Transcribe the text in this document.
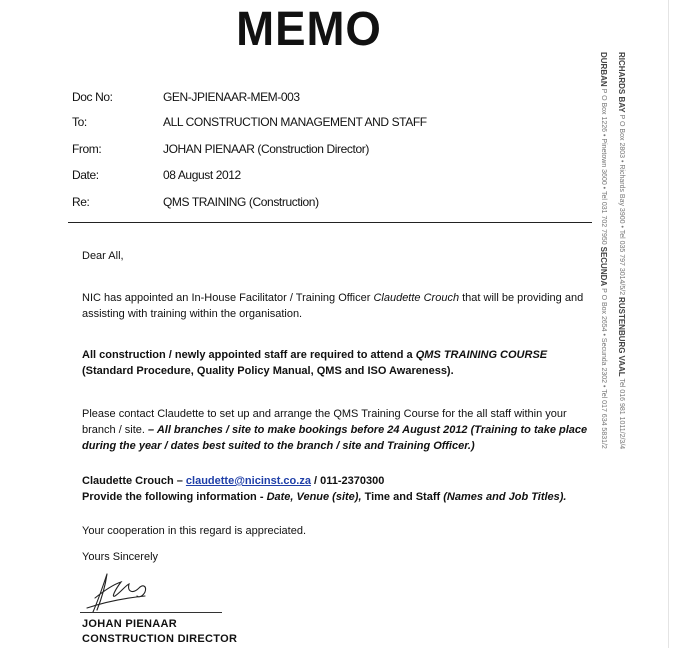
MEMO
Doc No:	GEN-JPIENAAR-MEM-003
To:	ALL CONSTRUCTION MANAGEMENT AND STAFF
From:	JOHAN PIENAAR (Construction Director)
Date:	08 August 2012
Re:	QMS TRAINING (Construction)
Dear All,
NIC has appointed an In-House Facilitator / Training Officer Claudette Crouch that will be providing and assisting with training within the organisation.
All construction / newly appointed staff are required to attend a QMS TRAINING COURSE (Standard Procedure, Quality Policy Manual, QMS and ISO Awareness).
Please contact Claudette to set up and arrange the QMS Training Course for the all staff within your branch / site. – All branches / site to make bookings before 24 August 2012 (Training to take place during the year / dates best suited to the branch / site and Training Officer.)
Claudette Crouch – claudette@nicinst.co.za / 011-2370300
Provide the following information - Date, Venue (site), Time and Staff (Names and Job Titles).
Your cooperation in this regard is appreciated.
Yours Sincerely
JOHAN PIENAAR
CONSTRUCTION DIRECTOR
DURBAN P O Box 1226 • Pinetown 3600 • Tel 031 702 7950 SECUNDA P O Box 2654 • Secunda 2302 • Tel 017 634 5831/2
RICHARDS BAY P O Box 2803 • Richards Bay 3900 • Tel 035 797 3014/5/2 RUSTENBURG VAAL Tel 016 981 1011/2/3/4
